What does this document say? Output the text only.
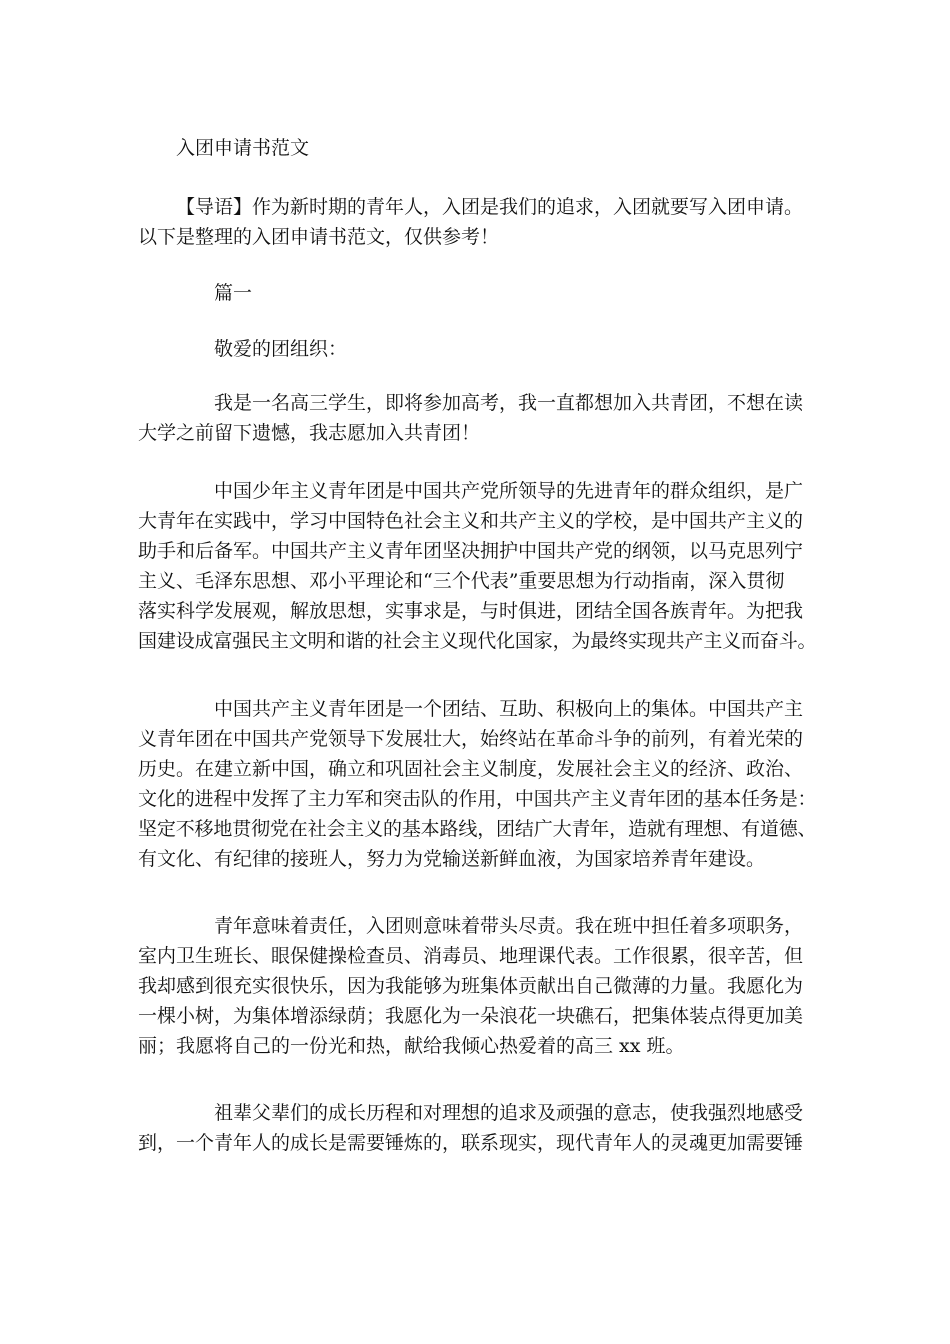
入团申请书范文

【导语】作为新时期的青年人，入团是我们的追求，入团就要写入团申请。
以下是整理的入团申请书范文，仅供参考！

篇一

敬爱的团组织：

我是一名高三学生，即将参加高考，我一直都想加入共青团，不想在读
大学之前留下遗憾，我志愿加入共青团！

中国少年主义青年团是中国共产党所领导的先进青年的群众组织，是广
大青年在实践中，学习中国特色社会主义和共产主义的学校，是中国共产主义的
助手和后备军。中国共产主义青年团坚决拥护中国共产党的纲领，以马克思列宁
主义、毛泽东思想、邓小平理论和“三个代表”重要思想为行动指南，深入贯彻
落实科学发展观，解放思想，实事求是，与时俱进，团结全国各族青年。为把我
国建设成富强民主文明和谐的社会主义现代化国家，为最终实现共产主义而奋斗。

中国共产主义青年团是一个团结、互助、积极向上的集体。中国共产主
义青年团在中国共产党领导下发展壮大，始终站在革命斗争的前列，有着光荣的
历史。在建立新中国，确立和巩固社会主义制度，发展社会主义的经济、政治、
文化的进程中发挥了主力军和突击队的作用，中国共产主义青年团的基本任务是：
坚定不移地贯彻党在社会主义的基本路线，团结广大青年，造就有理想、有道德、
有文化、有纪律的接班人，努力为党输送新鲜血液，为国家培养青年建设。

青年意味着责任，入团则意味着带头尽责。我在班中担任着多项职务，
室内卫生班长、眼保健操检查员、消毒员、地理课代表。工作很累，很辛苦，但
我却感到很充实很快乐，因为我能够为班集体贡献出自己微薄的力量。我愿化为
一棵小树，为集体增添绿荫；我愿化为一朵浪花一块礁石，把集体装点得更加美
丽；我愿将自己的一份光和热，献给我倾心热爱着的高三 xx 班。

祖辈父辈们的成长历程和对理想的追求及顽强的意志，使我强烈地感受
到，一个青年人的成长是需要锤炼的，联系现实，现代青年人的灵魂更加需要锤
